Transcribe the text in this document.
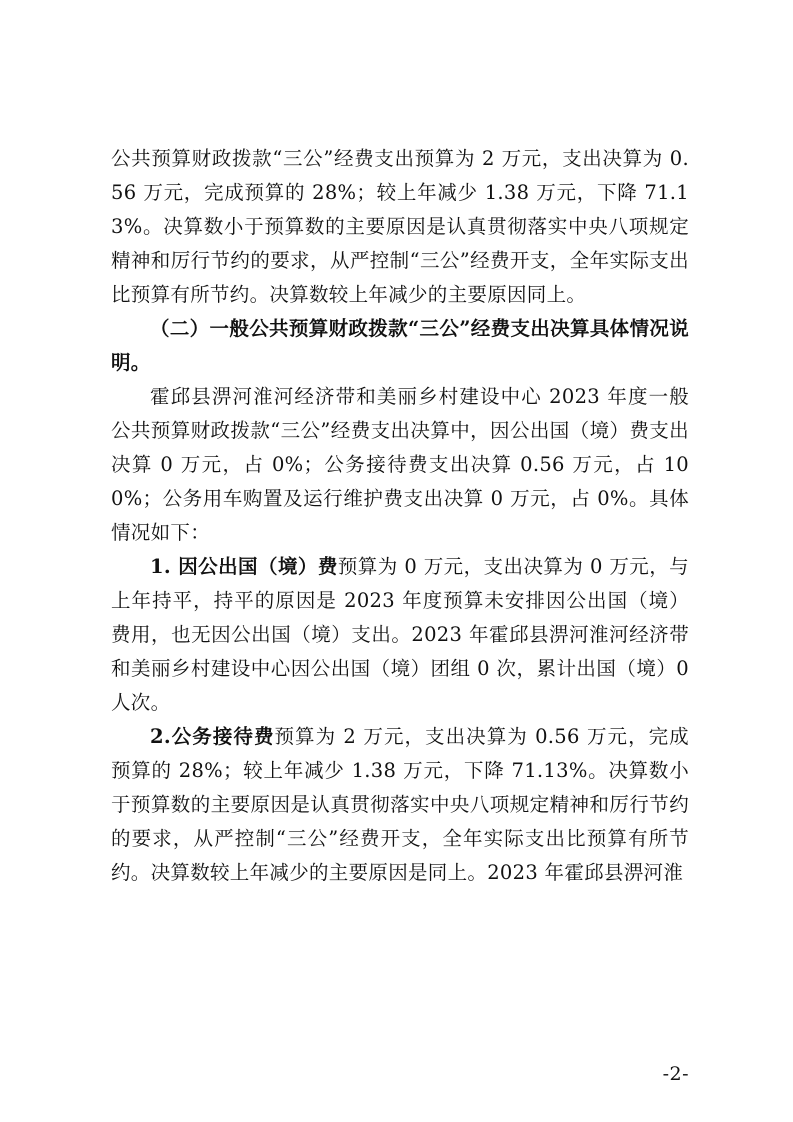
公共预算财政拨款“三公”经费支出预算为 2 万元，支出决算为 0.56 万元，完成预算的 28%；较上年减少 1.38 万元，下降 71.13%。决算数小于预算数的主要原因是认真贯彻落实中央八项规定精神和厉行节约的要求，从严控制“三公”经费开支，全年实际支出比预算有所节约。决算数较上年减少的主要原因同上。

（二）一般公共预算财政拨款“三公”经费支出决算具体情况说明。

霍邱县淠河淮河经济带和美丽乡村建设中心 2023 年度一般公共预算财政拨款“三公”经费支出决算中，因公出国（境）费支出决算 0 万元，占 0%；公务接待费支出决算 0.56 万元，占 100%；公务用车购置及运行维护费支出决算 0 万元，占 0%。具体情况如下：

1. 因公出国（境）费预算为 0 万元，支出决算为 0 万元，与上年持平，持平的原因是 2023 年度预算未安排因公出国（境）费用，也无因公出国（境）支出。2023 年霍邱县淠河淮河经济带和美丽乡村建设中心因公出国（境）团组 0 次，累计出国（境）0 人次。

2.公务接待费预算为 2 万元，支出决算为 0.56 万元，完成预算的 28%；较上年减少 1.38 万元，下降 71.13%。决算数小于预算数的主要原因是认真贯彻落实中央八项规定精神和厉行节约的要求，从严控制“三公”经费开支，全年实际支出比预算有所节约。决算数较上年减少的主要原因是同上。2023 年霍邱县淠河淮

-2-
